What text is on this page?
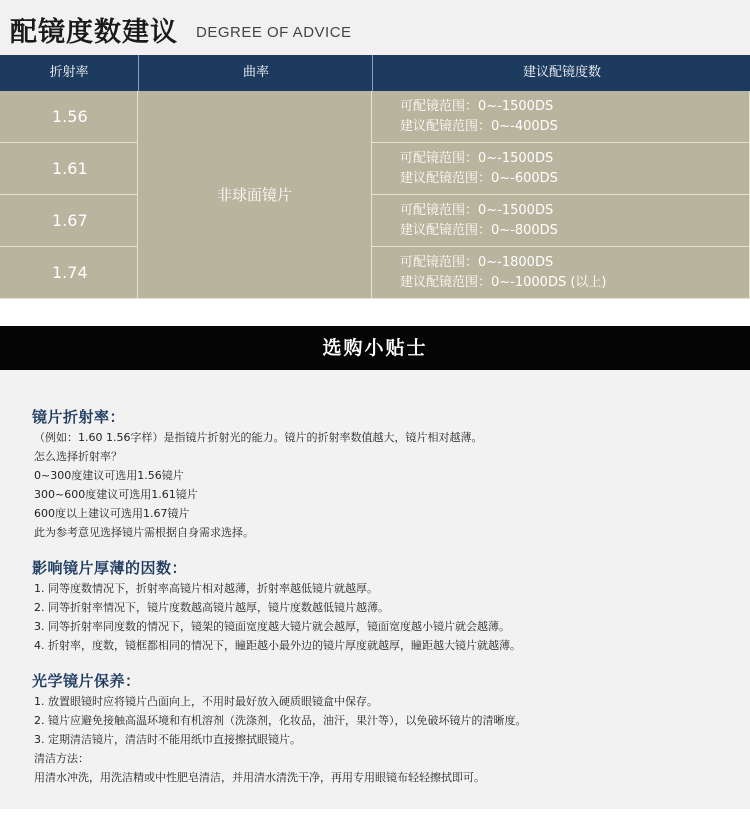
配镜度数建议 DEGREE OF ADVICE
折射率	曲率	建议配镜度数
1.56
1.61
1.67
1.74
非球面镜片
可配镜范围：0~-1500DS
建议配镜范围：0~-400DS
可配镜范围：0~-1500DS
建议配镜范围：0~-600DS
可配镜范围：0~-1500DS
建议配镜范围：0~-800DS
可配镜范围：0~-1800DS
建议配镜范围：0~-1000DS (以上)
选购小贴士
镜片折射率：
（例如：1.60 1.56字样）是指镜片折射光的能力。镜片的折射率数值越大，镜片相对越薄。
怎么选择折射率？
0~300度建议可选用1.56镜片
300~600度建议可选用1.61镜片
600度以上建议可选用1.67镜片
此为参考意见选择镜片需根据自身需求选择。
影响镜片厚薄的因数：
1. 同等度数情况下，折射率高镜片相对越薄，折射率越低镜片就越厚。
2. 同等折射率情况下，镜片度数越高镜片越厚，镜片度数越低镜片越薄。
3. 同等折射率同度数的情况下，镜架的镜面宽度越大镜片就会越厚，镜面宽度越小镜片就会越薄。
4. 折射率，度数，镜框都相同的情况下，瞳距越小最外边的镜片厚度就越厚，瞳距越大镜片就越薄。
光学镜片保养：
1. 放置眼镜时应将镜片凸面向上，不用时最好放入硬质眼镜盒中保存。
2. 镜片应避免接触高温环境和有机溶剂（洗涤剂，化妆品，油汗，果汁等），以免破坏镜片的清晰度。
3. 定期清洁镜片，清洁时不能用纸巾直接擦拭眼镜片。
清洁方法：
用清水冲洗，用洗洁精或中性肥皂清洁，并用清水清洗干净，再用专用眼镜布轻轻擦拭即可。
